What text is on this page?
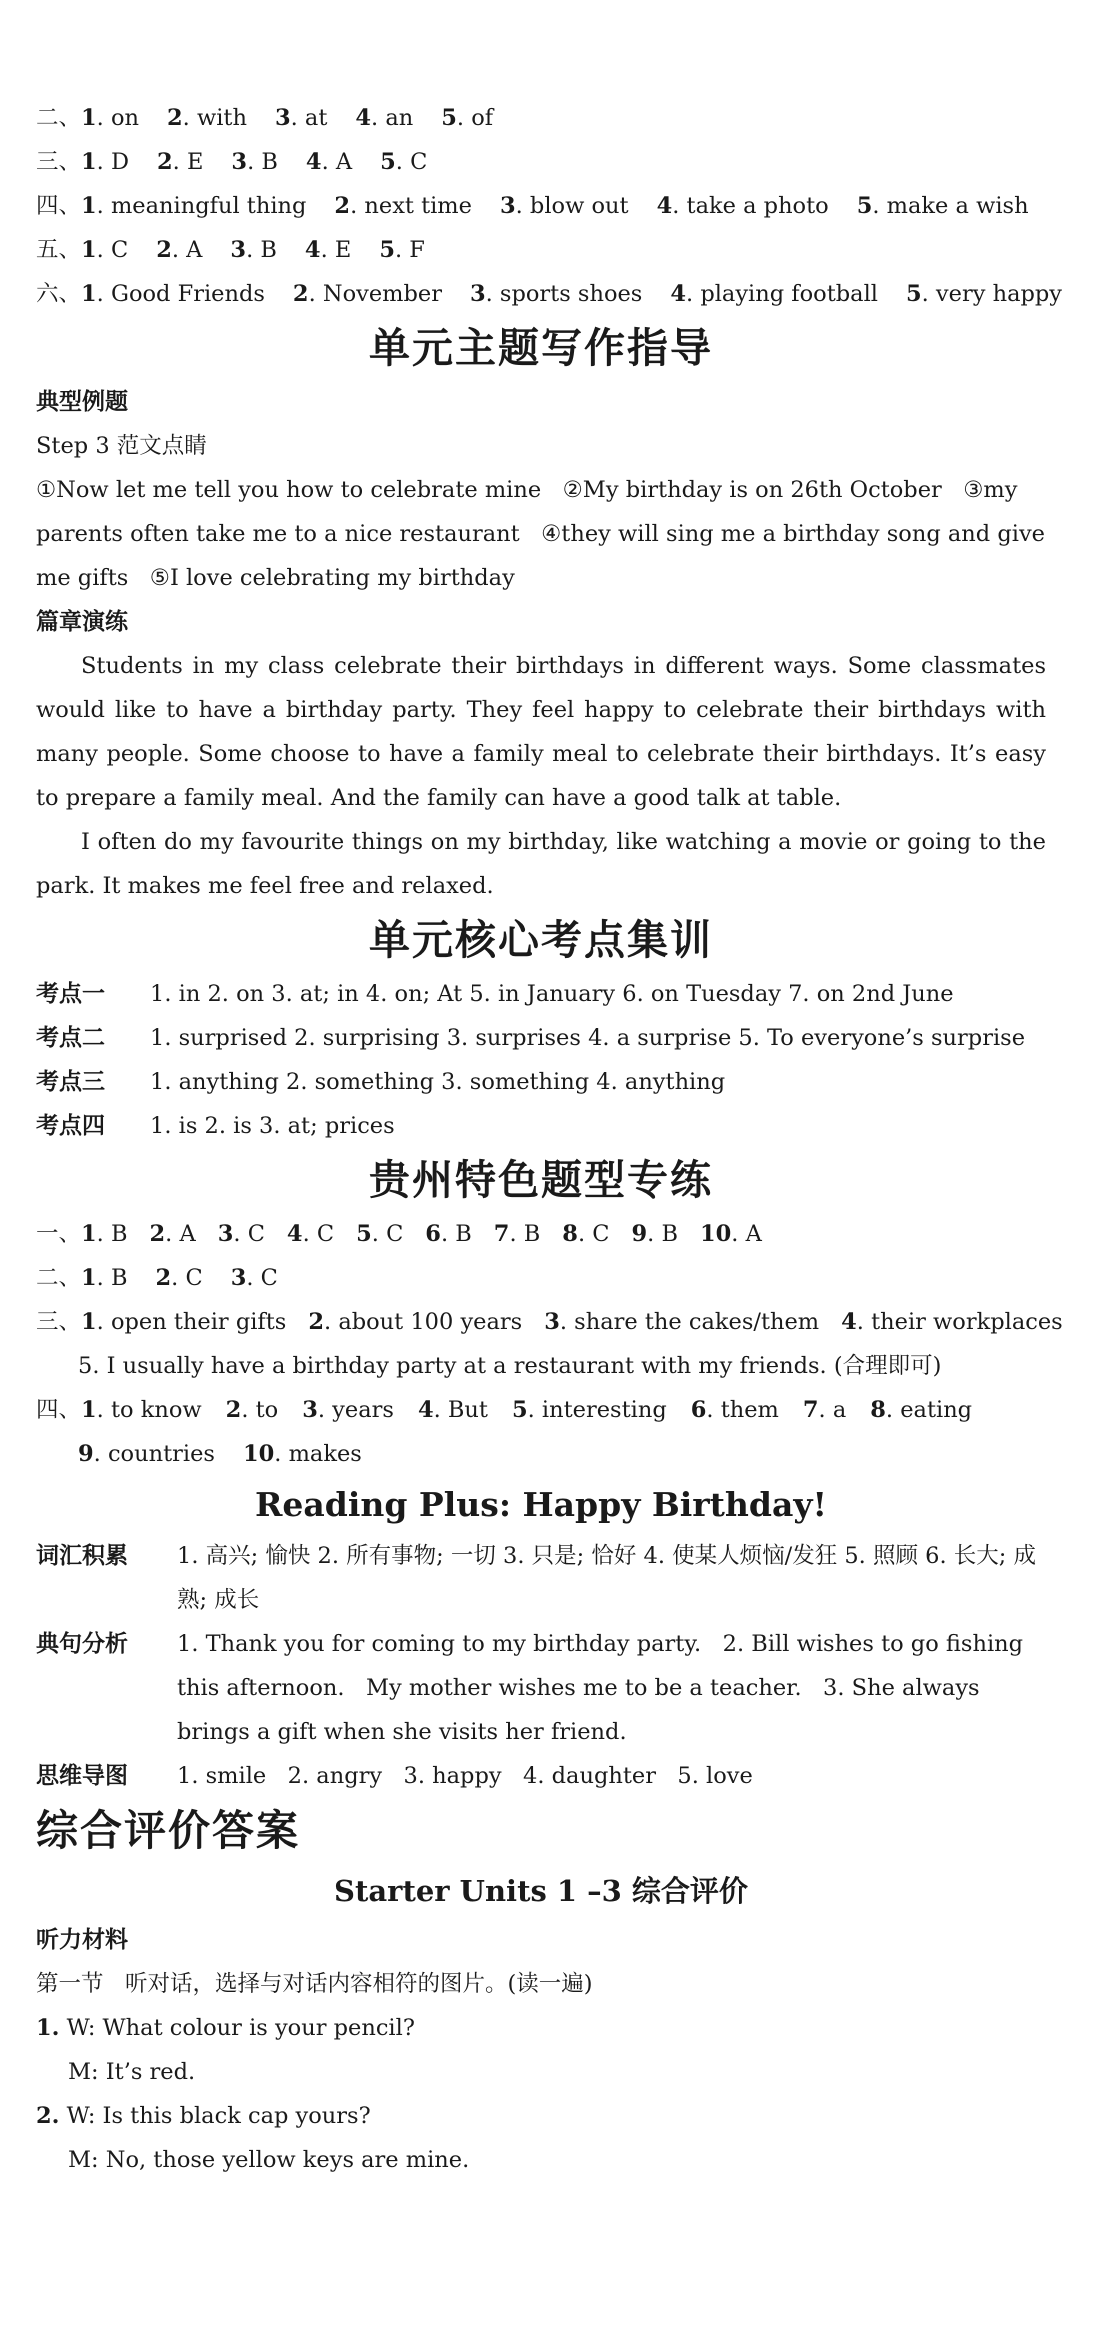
二、1. on 2. with 3. at 4. an 5. of
三、1. D 2. E 3. B 4. A 5. C
四、1. meaningful thing 2. next time 3. blow out 4. take a photo 5. make a wish
五、1. C 2. A 3. B 4. E 5. F
六、1. Good Friends 2. November 3. sports shoes 4. playing football 5. very happy
单元主题写作指导
典型例题
Step 3 范文点睛
①Now let me tell you how to celebrate mine   ②My birthday is on 26th October   ③my
parents often take me to a nice restaurant   ④they will sing me a birthday song and give
me gifts   ⑤I love celebrating my birthday
篇章演练
Students in my class celebrate their birthdays in different ways. Some classmates would like to have a birthday party. They feel happy to celebrate their birthdays with many people. Some choose to have a family meal to celebrate their birthdays. It’s easy to prepare a family meal. And the family can have a good talk at table.
I often do my favourite things on my birthday, like watching a movie or going to the park. It makes me feel free and relaxed.
单元核心考点集训
考点一	1. in 2. on 3. at; in 4. on; At 5. in January 6. on Tuesday 7. on 2nd June
考点二	1. surprised 2. surprising 3. surprises 4. a surprise 5. To everyone’s surprise
考点三	1. anything 2. something 3. something 4. anything
考点四	1. is 2. is 3. at; prices
贵州特色题型专练
一、1. B 2. A 3. C 4. C 5. C 6. B 7. B 8. C 9. B 10. A
二、1. B 2. C 3. C
三、1. open their gifts 2. about 100 years 3. share the cakes/them 4. their workplaces
5. I usually have a birthday party at a restaurant with my friends. (合理即可)
四、1. to know 2. to 3. years 4. But 5. interesting 6. them 7. a 8. eating
9. countries 10. makes
Reading Plus: Happy Birthday!
词汇积累	1. 高兴; 愉快 2. 所有事物; 一切 3. 只是; 恰好 4. 使某人烦恼/发狂 5. 照顾 6. 长大; 成熟; 成长
典句分析	1. Thank you for coming to my birthday party.   2. Bill wishes to go fishing this afternoon.   My mother wishes me to be a teacher.   3. She always brings a gift when she visits her friend.
思维导图	1. smile   2. angry   3. happy   4. daughter   5. love
综合评价答案
Starter Units 1 –3 综合评价
听力材料
第一节   听对话，选择与对话内容相符的图片。(读一遍)
1. W: What colour is your pencil?
M: It’s red.
2. W: Is this black cap yours?
M: No, those yellow keys are mine.
